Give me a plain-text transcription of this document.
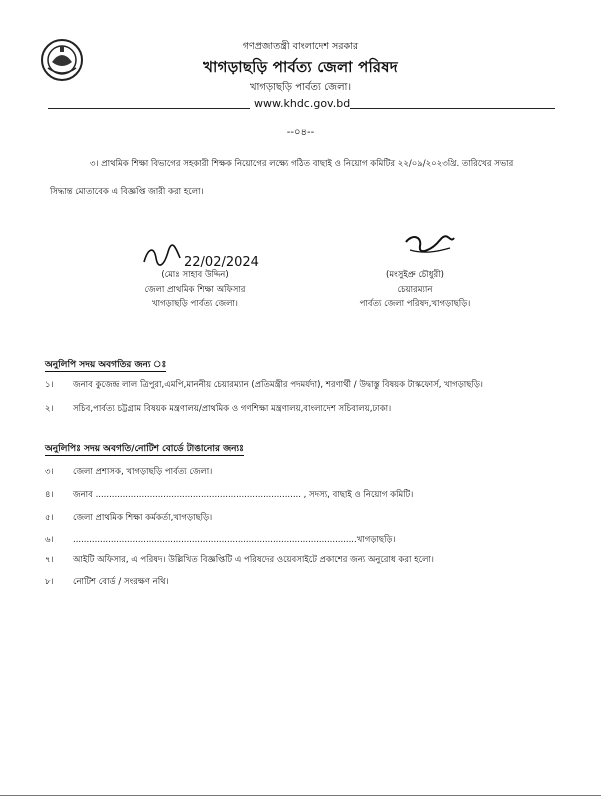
গণপ্রজাতন্ত্রী বাংলাদেশ সরকার
খাগড়াছড়ি পার্বত্য জেলা পরিষদ
খাগড়াছড়ি পার্বত্য জেলা।
www.khdc.gov.bd
--০৪--
৩। প্রাথমিক শিক্ষা বিভাগের সহকারী শিক্ষক নিয়োগের লক্ষ্যে গঠিত বাছাই ও নিয়োগ কমিটির ২২/০৯/২০২৩খ্রি. তারিখের সভার
সিদ্ধান্ত মোতাবেক এ বিজ্ঞপ্তি জারী করা হলো।
22/02/2024
(মোঃ সাহাব উদ্দিন)
জেলা প্রাথমিক শিক্ষা অফিসার
খাগড়াছড়ি পার্বত্য জেলা।
(মংসুইপ্রু চৌধুরী)
চেয়ারম্যান
পার্বত্য জেলা পরিষদ,খাগড়াছড়ি।
অনুলিপি সদয় অবগতির জন্য ঃ
১। জনাব কুজেন্দ্র লাল ত্রিপুরা,এমপি,মাননীয় চেয়ারম্যান (প্রতিমন্ত্রীর পদমর্যদা), শরণার্থী / উদ্বাস্তু বিষয়ক টাস্কফোর্স, খাগড়াছড়ি।
২। সচিব,পার্বত্য চট্টগ্রাম বিষয়ক মন্ত্রণালয়/প্রাথমিক ও গণশিক্ষা মন্ত্রণালয়,বাংলাদেশ সচিবালয়,ঢাকা।
অনুলিপিঃ সদয় অবগতি/নোটিশ বোর্ডে টাঙানোর জন্যঃ
৩। জেলা প্রশাসক, খাগড়াছড়ি পার্বত্য জেলা।
৪। জনাব ............................................................................ , সদস্য, বাছাই ও নিয়োগ কমিটি।
৫। জেলা প্রাথমিক শিক্ষা কর্মকর্তা,খাগড়াছড়ি।
৬। .........................................................................................................খাগড়াছড়ি।
৭। আইটি অফিসার, এ পরিষদ। উল্লিখিত বিজ্ঞপ্তিটি এ পরিষদের ওয়েবসাইটে প্রকাশের জন্য অনুরোধ করা হলো।
৮। নোটিশ বোর্ড / সংরক্ষণ নথি।
